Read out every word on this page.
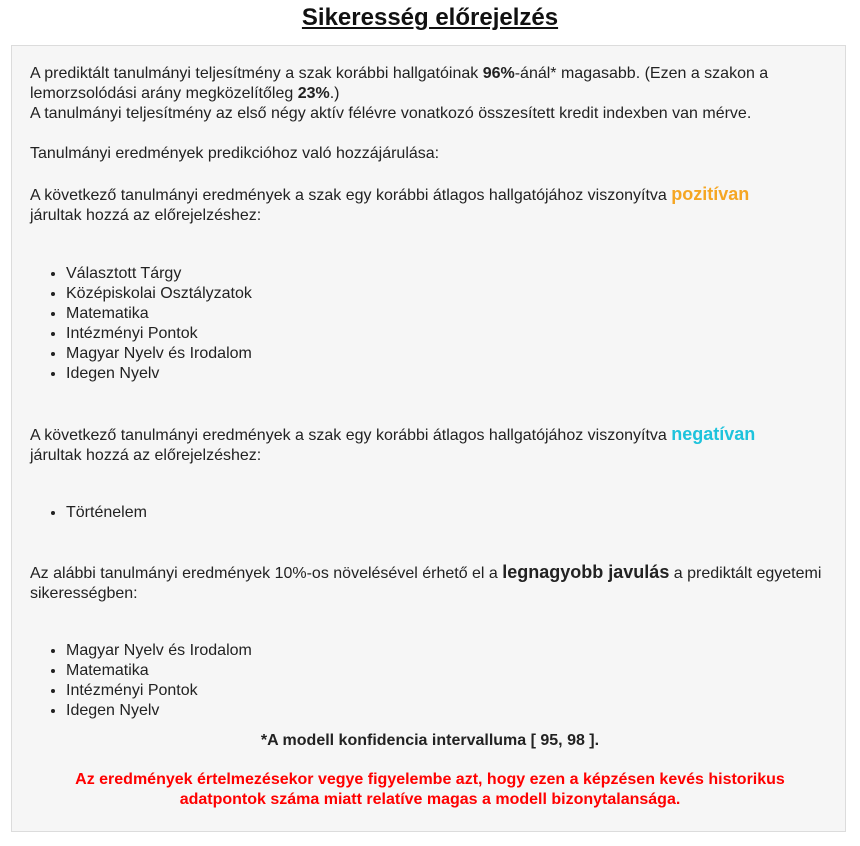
Sikeresség előrejelzés

A prediktált tanulmányi teljesítmény a szak korábbi hallgatóinak 96%-ánál* magasabb. (Ezen a szakon a lemorzsolódási arány megközelítőleg 23%.)
A tanulmányi teljesítmény az első négy aktív félévre vonatkozó összesített kredit indexben van mérve.

Tanulmányi eredmények predikcióhoz való hozzájárulása:

A következő tanulmányi eredmények a szak egy korábbi átlagos hallgatójához viszonyítva pozitívan
járultak hozzá az előrejelzéshez:

• Választott Tárgy
• Középiskolai Osztályzatok
• Matematika
• Intézményi Pontok
• Magyar Nyelv és Irodalom
• Idegen Nyelv

A következő tanulmányi eredmények a szak egy korábbi átlagos hallgatójához viszonyítva negatívan
járultak hozzá az előrejelzéshez:

• Történelem

Az alábbi tanulmányi eredmények 10%-os növelésével érhető el a legnagyobb javulás a prediktált egyetemi sikerességben:

• Magyar Nyelv és Irodalom
• Matematika
• Intézményi Pontok
• Idegen Nyelv

*A modell konfidencia intervalluma [ 95, 98 ].

Az eredmények értelmezésekor vegye figyelembe azt, hogy ezen a képzésen kevés historikus adatpontok száma miatt relatíve magas a modell bizonytalansága.
